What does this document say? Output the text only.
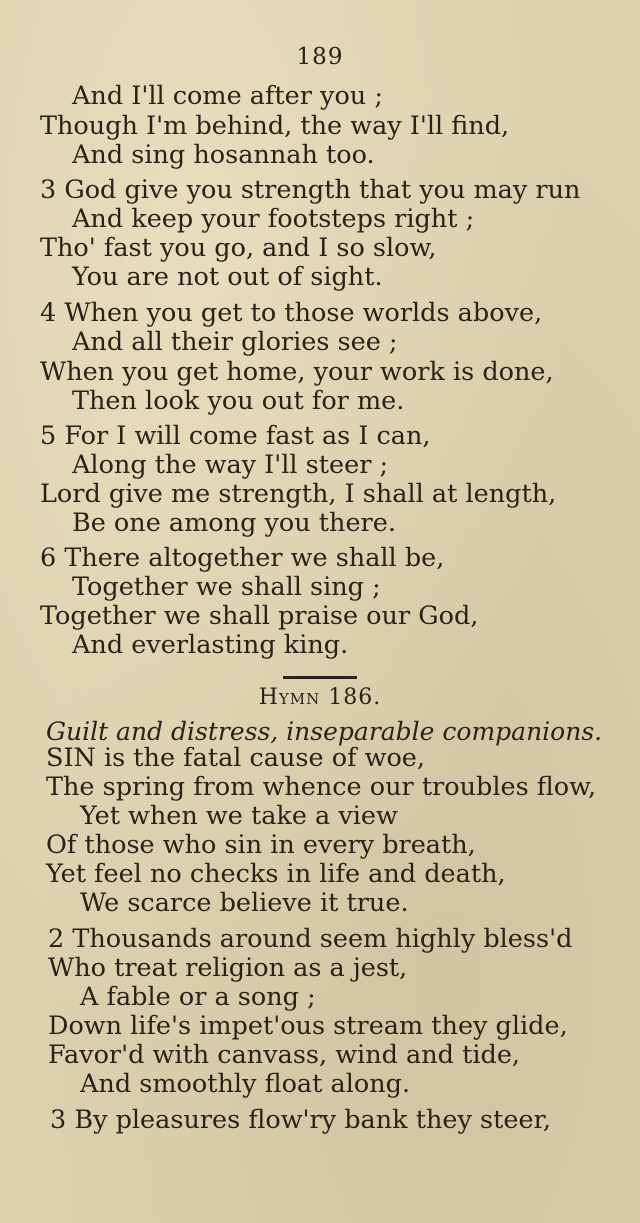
189
And I'll come after you ;
Though I'm behind, the way I'll find,
And sing hosannah too.
3 God give you strength that you may run
And keep your footsteps right ;
Tho' fast you go, and I so slow,
You are not out of sight.
4 When you get to those worlds above,
And all their glories see ;
When you get home, your work is done,
Then look you out for me.
5 For I will come fast as I can,
Along the way I'll steer ;
Lord give me strength, I shall at length,
Be one among you there.
6 There altogether we shall be,
Together we shall sing ;
Together we shall praise our God,
And everlasting king.
Hymn 186.
Guilt and distress, inseparable companions.
SIN is the fatal cause of woe,
The spring from whence our troubles flow,
Yet when we take a view
Of those who sin in every breath,
Yet feel no checks in life and death,
We scarce believe it true.
2 Thousands around seem highly bless'd
Who treat religion as a jest,
A fable or a song ;
Down life's impet'ous stream they glide,
Favor'd with canvass, wind and tide,
And smoothly float along.
3 By pleasures flow'ry bank they steer,
